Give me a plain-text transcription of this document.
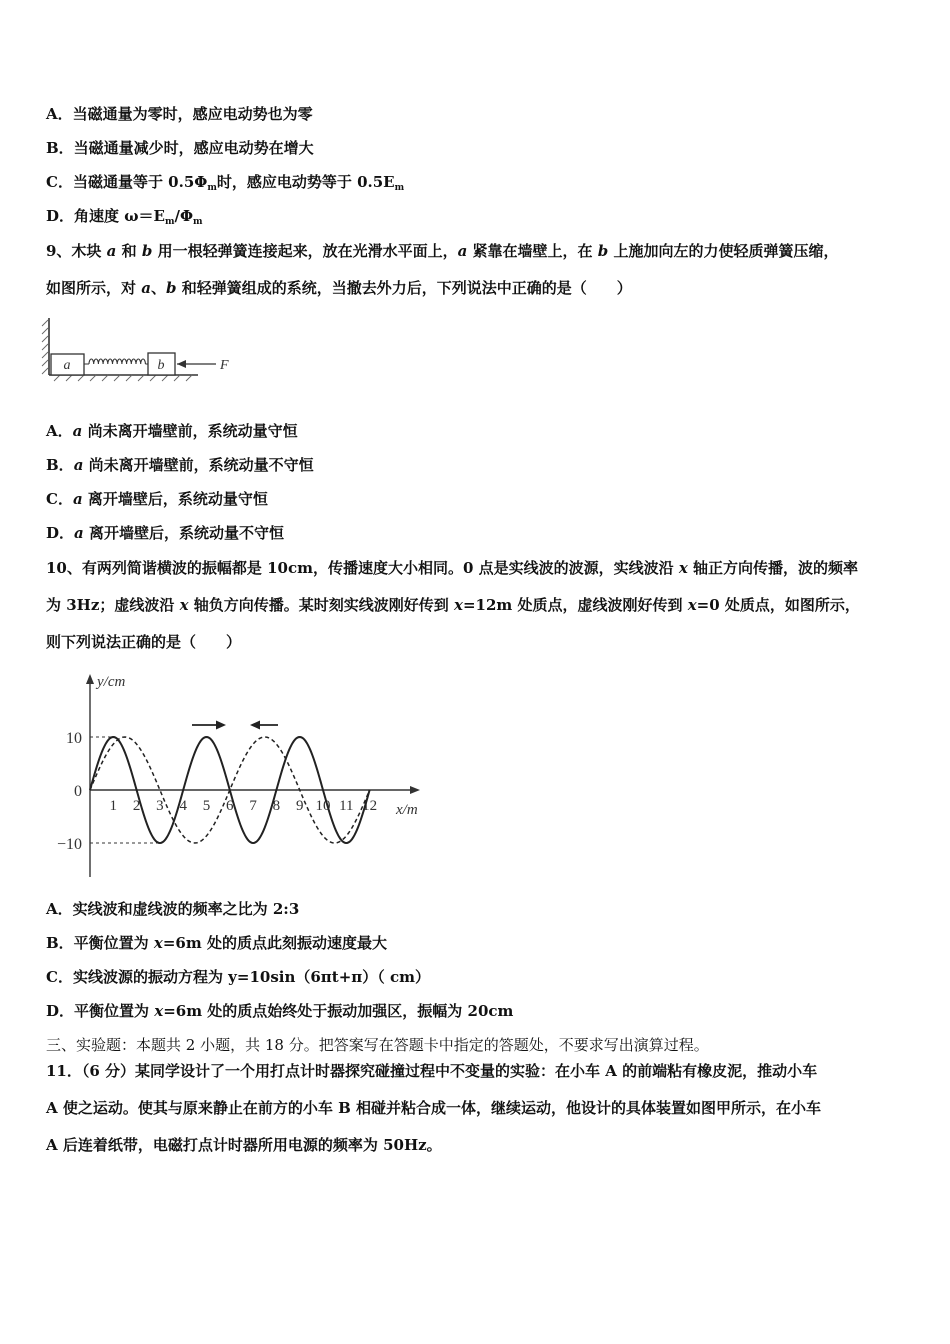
A．当磁通量为零时，感应电动势也为零
B．当磁通量减少时，感应电动势在增大
C．当磁通量等于 $0.5\Phi_m$时，感应电动势等于 $0.5E_m$
D．角速度 $\omega=E_m/\Phi_m$
9、木块 a 和 b 用一根轻弹簧连接起来，放在光滑水平面上，a 紧靠在墙壁上，在 b 上施加向左的力使轻质弹簧压缩，
如图所示，对 a、b 和轻弹簧组成的系统，当撤去外力后，下列说法中正确的是（　　）
a	b	F
A．a 尚未离开墙壁前，系统动量守恒
B．a 尚未离开墙壁前，系统动量不守恒
C．a 离开墙壁后，系统动量守恒
D．a 离开墙壁后，系统动量不守恒
10、有两列简谐横波的振幅都是 10cm，传播速度大小相同。0 点是实线波的波源，实线波沿 x 轴正方向传播，波的频率
为 3Hz；虚线波沿 x 轴负方向传播。某时刻实线波刚好传到 x=12m 处质点，虚线波刚好传到 x=0 处质点，如图所示，
则下列说法正确的是（　　）
x/m
y/cm
10
0
−10
1 2 3 4 5 6 7 8 9 10 11 12
A．实线波和虚线波的频率之比为 2:3
B．平衡位置为 x=6m 处的质点此刻振动速度最大
C．实线波源的振动方程为 y=10sin（6πt+π）（ cm）
D．平衡位置为 x=6m 处的质点始终处于振动加强区，振幅为 20cm
三、实验题：本题共 2 小题，共 18 分。把答案写在答题卡中指定的答题处，不要求写出演算过程。
11．（6 分）某同学设计了一个用打点计时器探究碰撞过程中不变量的实验：在小车 A 的前端粘有橡皮泥，推动小车
A 使之运动。使其与原来静止在前方的小车 B 相碰并粘合成一体，继续运动，他设计的具体装置如图甲所示，在小车
A 后连着纸带，电磁打点计时器所用电源的频率为 50Hz。
